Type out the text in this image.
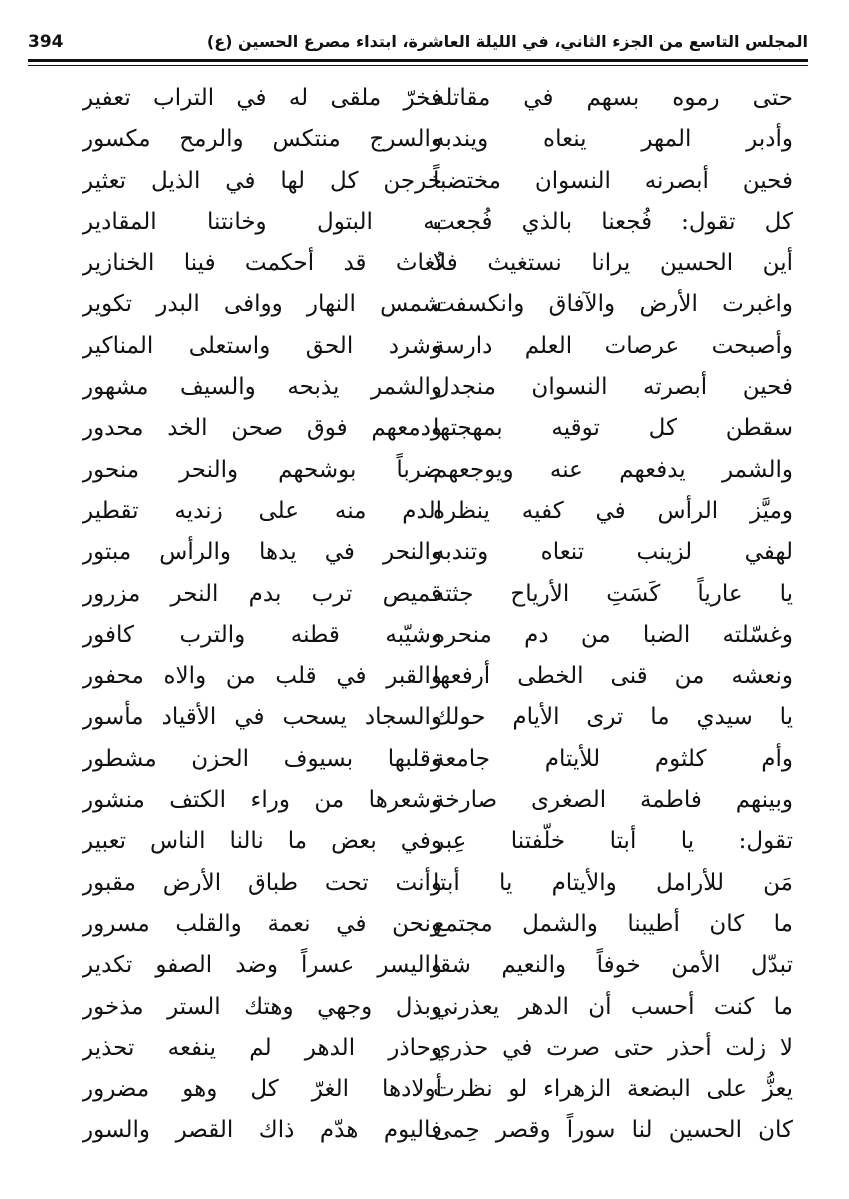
المجلس التاسع من الجزء الثاني، في الليلة العاشرة، ابتداء مصرع الحسين (ع)
394
حتى رموه بسهم في مقاتله
وأدبر المهر ينعاه ويندبه
فحين أبصرنه النسوان مختضباً
كل تقول: فُجعنا بالذي فُجعت
أين الحسين يرانا نستغيث فلا
واغبرت الأرض والآفاق وانكسفت
وأصبحت عرصات العلم دارسة
فحين أبصرته النسوان منجدل
سقطن كل توقيه بمهجتها
والشمر يدفعهم عنه ويوجعهم
وميَّز الرأس في كفيه ينظره
لهفي لزينب تنعاه وتندبه
يا عارياً كَسَتِ الأرياح جثته
وغسّلته الضبا من دم منحره
ونعشه من قنى الخطى أرفعها
يا سيدي ما ترى الأيام حولك
وأم كلثوم للأيتام جامعة
وبينهم فاطمة الصغرى صارخة
تقول: يا أبتا خلّفتنا عِبر
مَن للأرامل والأيتام يا أبتا
ما كان أطيبنا والشمل مجتمع
تبدّل الأمن خوفاً والنعيم شقا
ما كنت أحسب أن الدهر يعذرني
لا زلت أحذر حتى صرت في حذري
يعزُّ على البضعة الزهراء لو نظرت
كان الحسين لنا سوراً وقصر حِمى
فخرّ ملقى له في التراب تعفير
والسرج منتكس والرمح مكسور
خرجن كل لها في الذيل تعثير
به البتول وخانتنا المقادير
نُغاث قد أحكمت فينا الخنازير
شمس النهار ووافى البدر تكوير
وشرد الحق واستعلى المناكير
والشمر يذبحه والسيف مشهور
ودمعهم فوق صحن الخد محدور
ضرباً بوشحهم والنحر منحور
الدم منه على زنديه تقطير
والنحر في يدها والرأس مبتور
قميص ترب بدم النحر مزرور
وشيّبه قطنه والترب كافور
والقبر في قلب من والاه محفور
والسجاد يسحب في الأقياد مأسور
وقلبها بسيوف الحزن مشطور
وشعرها من وراء الكتف منشور
وفي بعض ما نالنا الناس تعبير
وأنت تحت طباق الأرض مقبور
ونحن في نعمة والقلب مسرور
واليسر عسراً وضد الصفو تكدير
وبذل وجهي وهتك الستر مذخور
وحاذر الدهر لم ينفعه تحذير
أولادها الغرّ كل وهو مضرور
فاليوم هدّم ذاك القصر والسور
